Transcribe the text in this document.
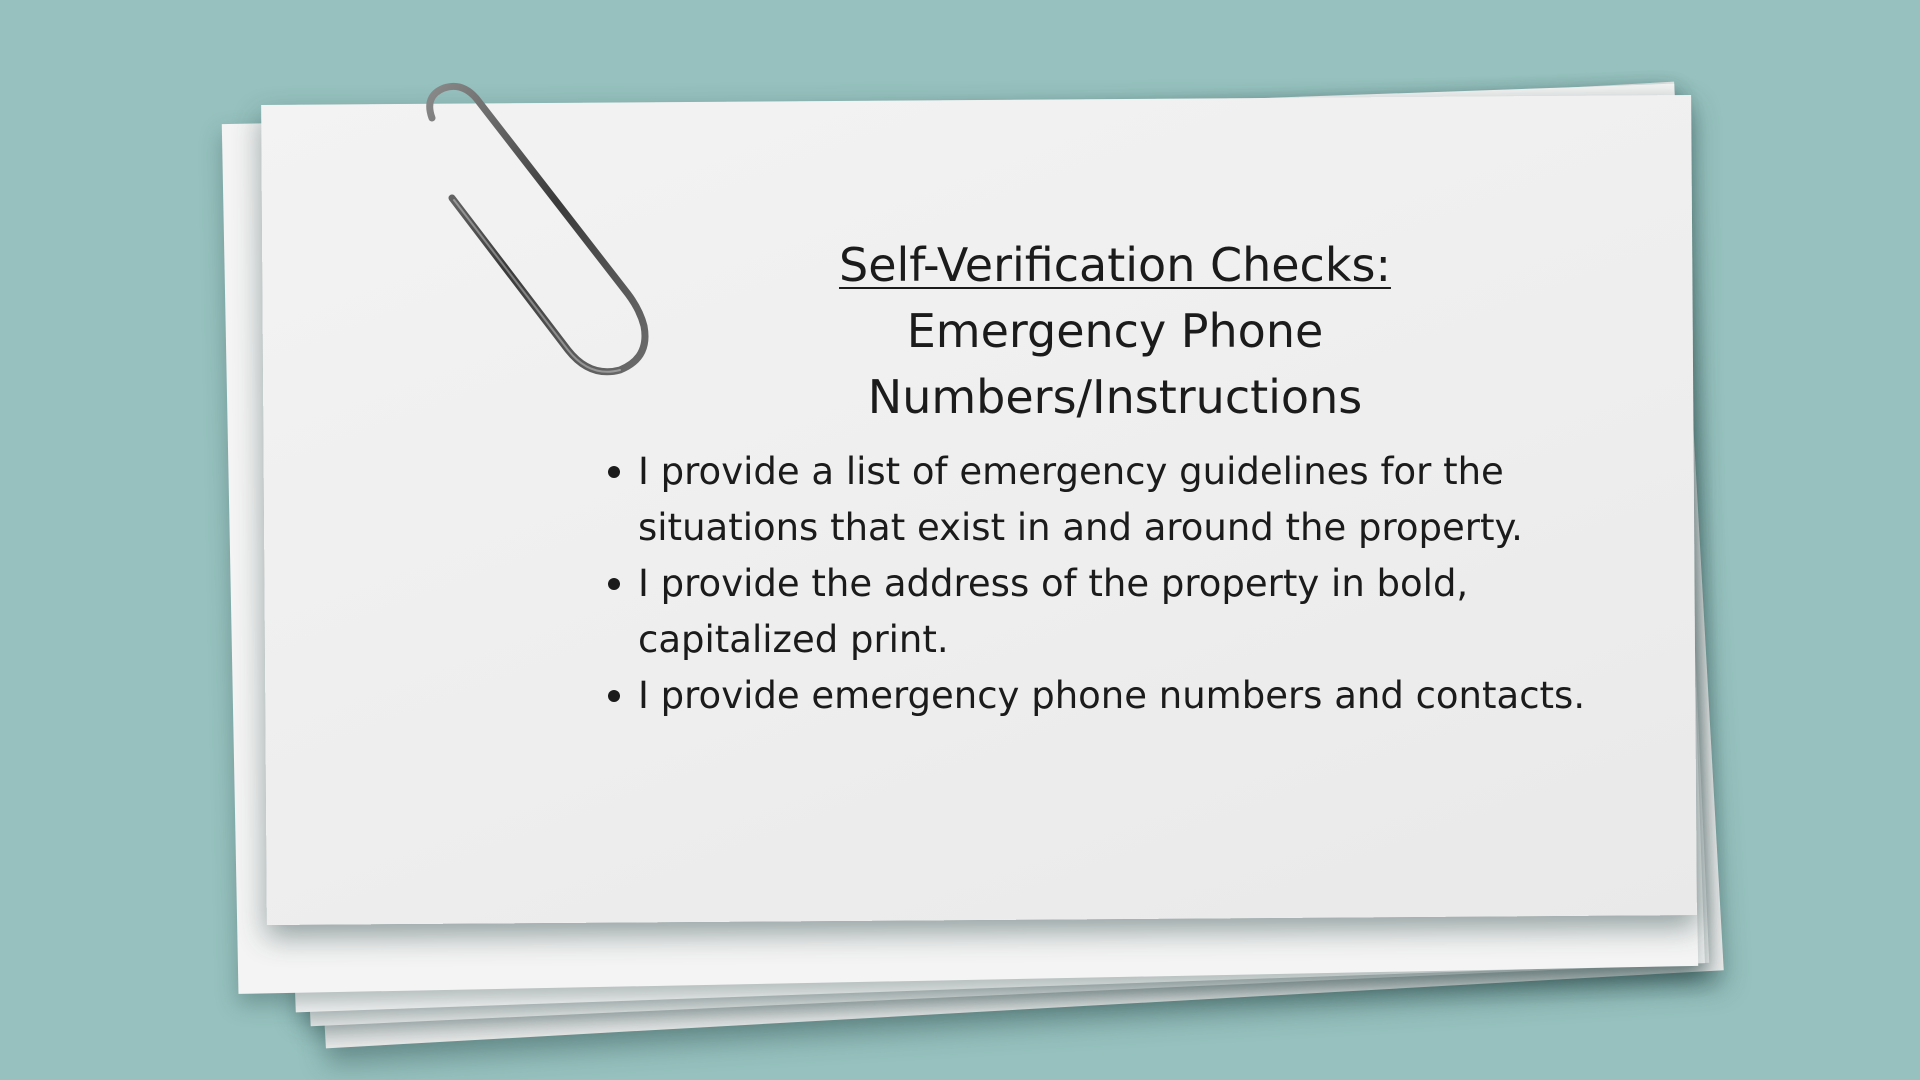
Self-Verification Checks:
Emergency Phone Numbers/Instructions
I provide a list of emergency guidelines for the situations that exist in and around the property.
I provide the address of the property in bold, capitalized print.
I provide emergency phone numbers and contacts.
